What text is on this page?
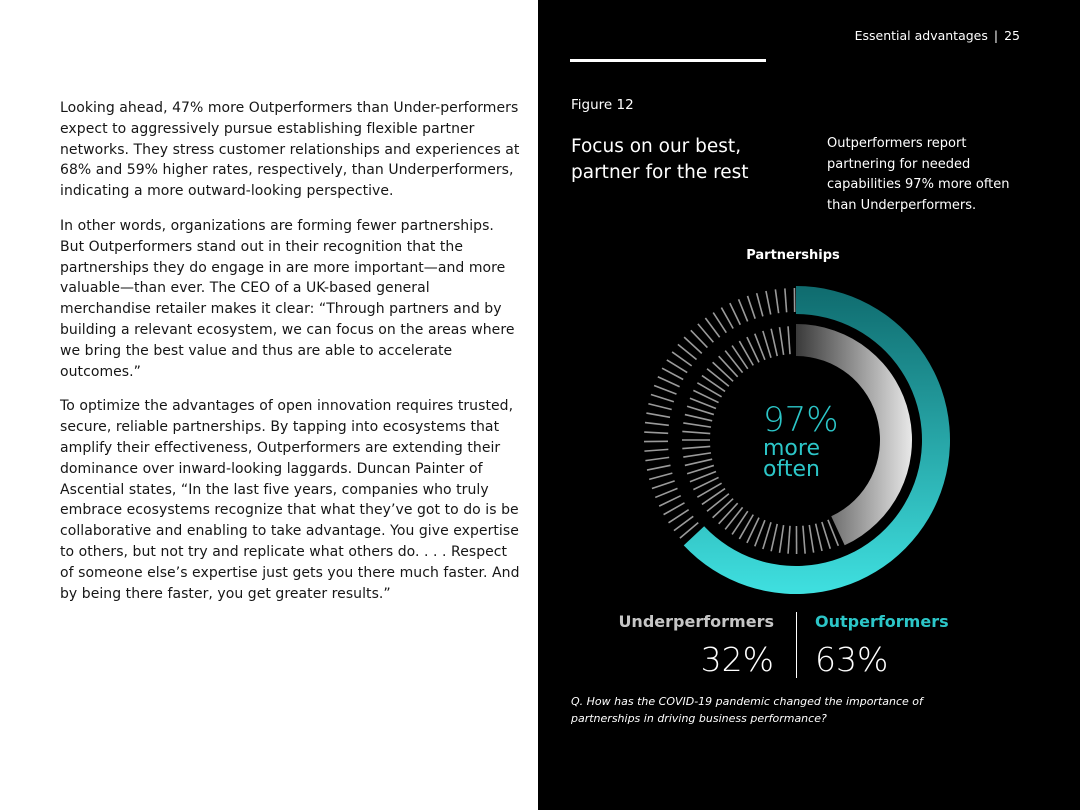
Looking ahead, 47% more Outperformers than Under-performers expect to aggressively pursue establishing flexible partner networks. They stress customer relationships and experiences at 68% and 59% higher rates, respectively, than Underperformers, indicating a more outward-looking perspective.

In other words, organizations are forming fewer partnerships. But Outperformers stand out in their recognition that the partnerships they do engage in are more important—and more valuable—than ever. The CEO of a UK-based general merchandise retailer makes it clear: “Through partners and by building a relevant ecosystem, we can focus on the areas where we bring the best value and thus are able to accelerate outcomes.”

To optimize the advantages of open innovation requires trusted, secure, reliable partnerships. By tapping into ecosystems that amplify their effectiveness, Outperformers are extending their dominance over inward-looking laggards. Duncan Painter of Ascential states, “In the last five years, companies who truly embrace ecosystems recognize that what they’ve got to do is be collaborative and enabling to take advantage. You give expertise to others, but not try and replicate what others do. . . . Respect of someone else’s expertise just gets you there much faster. And by being there faster, you get greater results.”

Essential advantages | 25
Figure 12
Focus on our best, partner for the rest
Outperformers report partnering for needed capabilities 97% more often than Underperformers.
Partnerships
97%
more
often
Underperformers
32%
Outperformers
63%
Q. How has the COVID-19 pandemic changed the importance of partnerships in driving business performance?
